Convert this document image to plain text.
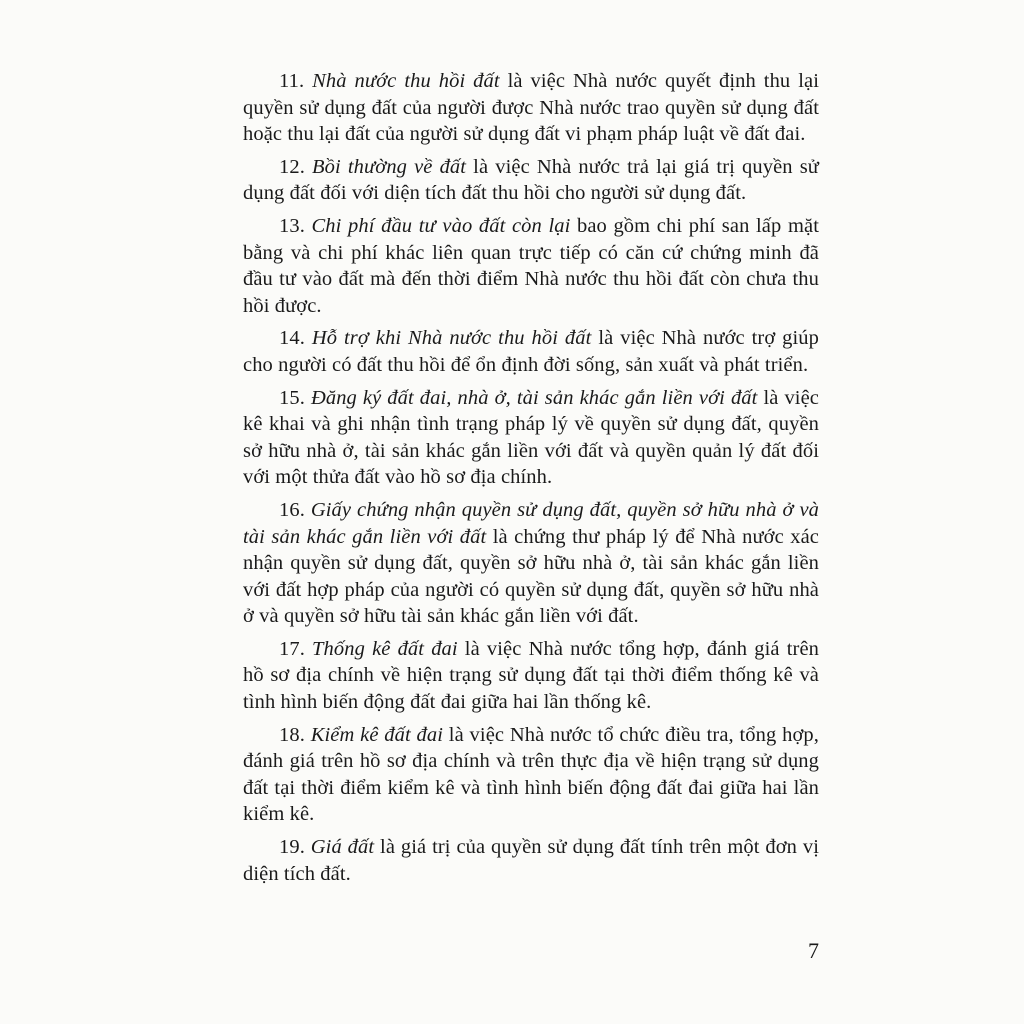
11. Nhà nước thu hồi đất là việc Nhà nước quyết định thu lại quyền sử dụng đất của người được Nhà nước trao quyền sử dụng đất hoặc thu lại đất của người sử dụng đất vi phạm pháp luật về đất đai.

12. Bồi thường về đất là việc Nhà nước trả lại giá trị quyền sử dụng đất đối với diện tích đất thu hồi cho người sử dụng đất.

13. Chi phí đầu tư vào đất còn lại bao gồm chi phí san lấp mặt bằng và chi phí khác liên quan trực tiếp có căn cứ chứng minh đã đầu tư vào đất mà đến thời điểm Nhà nước thu hồi đất còn chưa thu hồi được.

14. Hỗ trợ khi Nhà nước thu hồi đất là việc Nhà nước trợ giúp cho người có đất thu hồi để ổn định đời sống, sản xuất và phát triển.

15. Đăng ký đất đai, nhà ở, tài sản khác gắn liền với đất là việc kê khai và ghi nhận tình trạng pháp lý về quyền sử dụng đất, quyền sở hữu nhà ở, tài sản khác gắn liền với đất và quyền quản lý đất đối với một thửa đất vào hồ sơ địa chính.

16. Giấy chứng nhận quyền sử dụng đất, quyền sở hữu nhà ở và tài sản khác gắn liền với đất là chứng thư pháp lý để Nhà nước xác nhận quyền sử dụng đất, quyền sở hữu nhà ở, tài sản khác gắn liền với đất hợp pháp của người có quyền sử dụng đất, quyền sở hữu nhà ở và quyền sở hữu tài sản khác gắn liền với đất.

17. Thống kê đất đai là việc Nhà nước tổng hợp, đánh giá trên hồ sơ địa chính về hiện trạng sử dụng đất tại thời điểm thống kê và tình hình biến động đất đai giữa hai lần thống kê.

18. Kiểm kê đất đai là việc Nhà nước tổ chức điều tra, tổng hợp, đánh giá trên hồ sơ địa chính và trên thực địa về hiện trạng sử dụng đất tại thời điểm kiểm kê và tình hình biến động đất đai giữa hai lần kiểm kê.

19. Giá đất là giá trị của quyền sử dụng đất tính trên một đơn vị diện tích đất.

7
